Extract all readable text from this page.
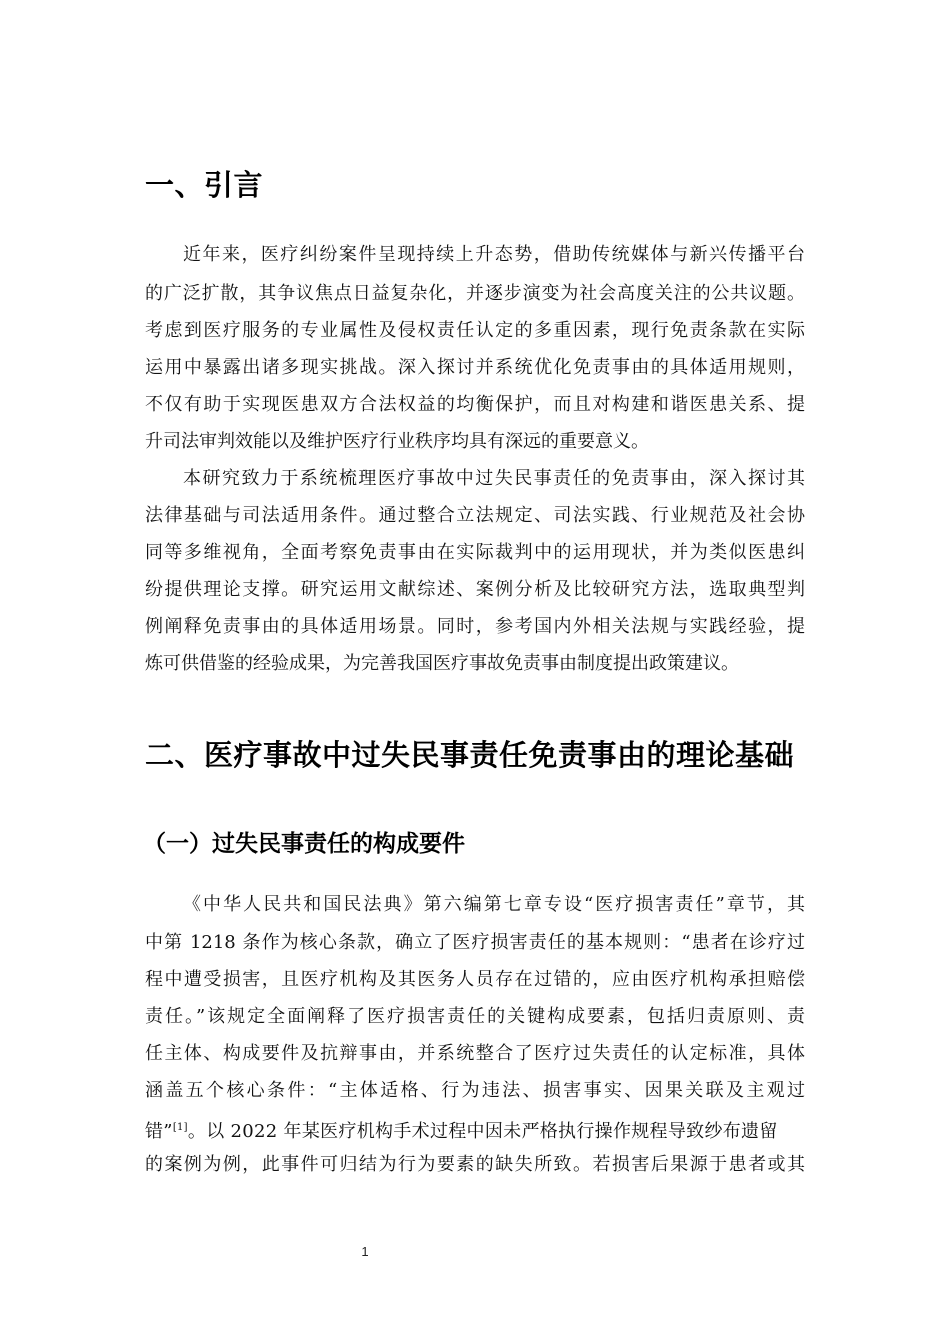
一、引言
近年来，医疗纠纷案件呈现持续上升态势，借助传统媒体与新兴传播平台
的广泛扩散，其争议焦点日益复杂化，并逐步演变为社会高度关注的公共议题。
考虑到医疗服务的专业属性及侵权责任认定的多重因素，现行免责条款在实际
运用中暴露出诸多现实挑战。深入探讨并系统优化免责事由的具体适用规则，
不仅有助于实现医患双方合法权益的均衡保护，而且对构建和谐医患关系、提
升司法审判效能以及维护医疗行业秩序均具有深远的重要意义。
本研究致力于系统梳理医疗事故中过失民事责任的免责事由，深入探讨其
法律基础与司法适用条件。通过整合立法规定、司法实践、行业规范及社会协
同等多维视角，全面考察免责事由在实际裁判中的运用现状，并为类似医患纠
纷提供理论支撑。研究运用文献综述、案例分析及比较研究方法，选取典型判
例阐释免责事由的具体适用场景。同时，参考国内外相关法规与实践经验，提
炼可供借鉴的经验成果，为完善我国医疗事故免责事由制度提出政策建议。
二、医疗事故中过失民事责任免责事由的理论基础
（一）过失民事责任的构成要件
《中华人民共和国民法典》第六编第七章专设“医疗损害责任”章节，其
中第 1218 条作为核心条款，确立了医疗损害责任的基本规则：“患者在诊疗过
程中遭受损害，且医疗机构及其医务人员存在过错的，应由医疗机构承担赔偿
责任。”该规定全面阐释了医疗损害责任的关键构成要素，包括归责原则、责
任主体、构成要件及抗辩事由，并系统整合了医疗过失责任的认定标准，具体
涵盖五个核心条件：“主体适格、行为违法、损害事实、因果关联及主观过
错”[1]。以 2022 年某医疗机构手术过程中因未严格执行操作规程导致纱布遗留
的案例为例，此事件可归结为行为要素的缺失所致。若损害后果源于患者或其
1
